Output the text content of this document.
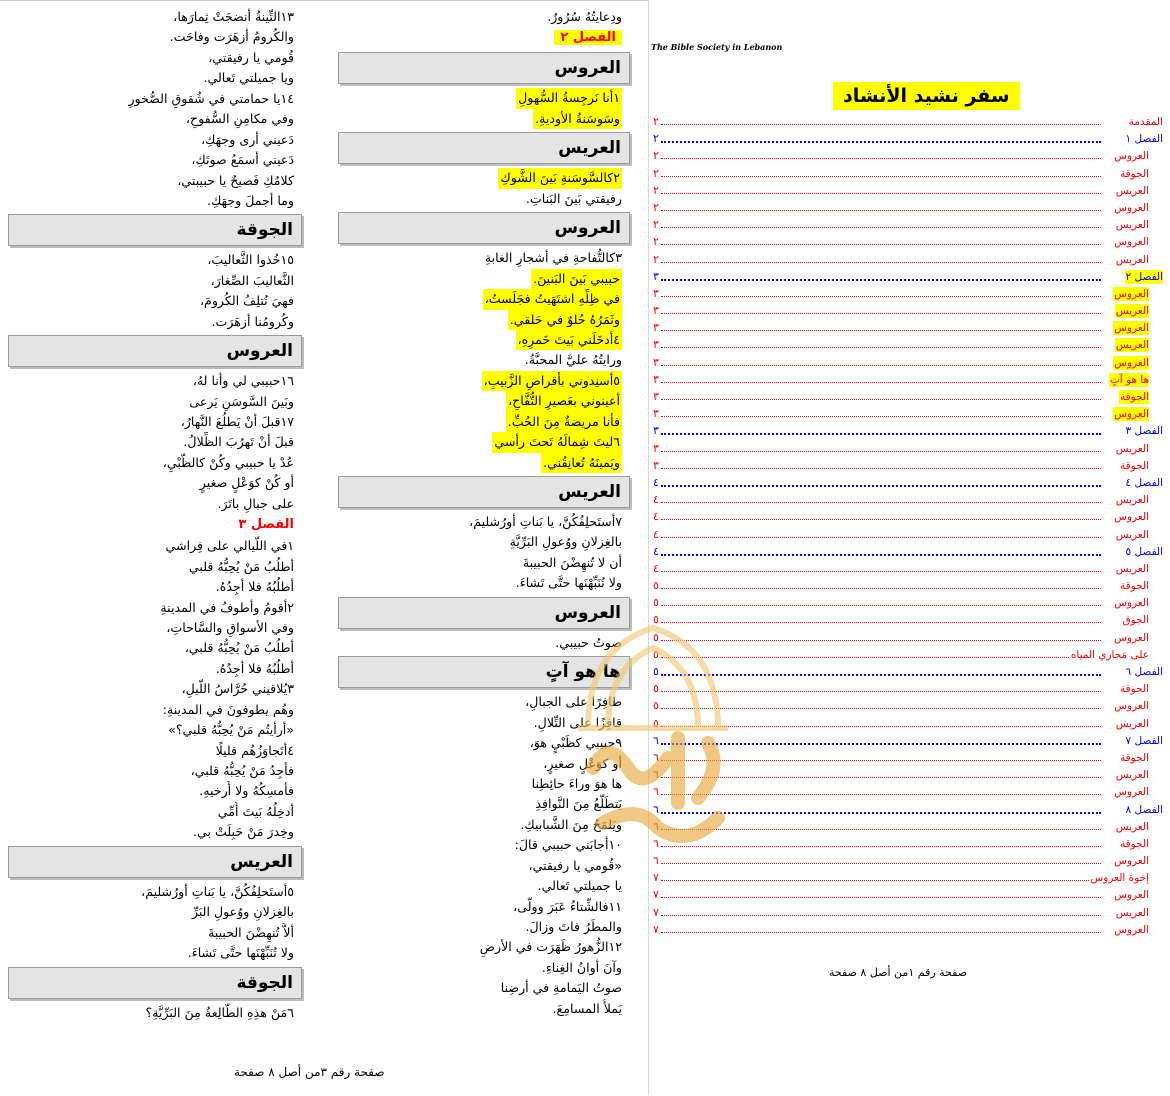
١٣التِّينةُ أنضجَتْ ثِمارَها،
والكُرومُ أزهَرَت وفاحَت.
قُومي يا رفيقتي،
ويا جميلتي تَعالي.
١٤يا حمامتي في شُقوقِ الصُّخورِ
وفي مكامِنِ السُّفوحِ،
دَعيني أرى وجهَكِ،
دَعيني أسمَعُ صوتَكِ،
كلامُكِ فَصيحٌ يا حبيبتي،
وما أجملَ وجهَكِ.
الجوقة
١٥خُذوا الثَّعاليبَ،
الثَّعاليبَ الصِّغارَ،
فهيَ تُتلِفُ الكُرومَ،
وكُرومُنا أزهَرَت.
العروس
١٦حبيبي لي وأنا لهُ،
وبَينَ السَّوسَنِ يَرعى
١٧قبلَ أنْ يَطلُعَ النَّهارُ،
قبلَ أنْ تَهرُبَ الظِّلالُ.
عُدْ يا حبيبي وكُنْ كالظَّبْيِ،
أو كُنْ كوَعْلٍ صغيرٍ
على جبالِ باتَرَ.
الفصل ٣
١في اللَّيالي على فِراشي
أطلُبُ مَنْ يُحِبُّهُ قلبي
أطلُبُهُ فلا أجِدُهُ.
٢أقومُ وأطوفُ في المدينةِ
وفي الأسواقِ والسَّاحاتِ،
أطلُبُ مَنْ يُحِبُّهُ قلبي،
أطلُبُهُ فلا أجِدُهُ.
٣يُلاقيني حُرَّاسُ اللَّيلِ،
وهُم يطوفونَ في المدينةِ:
«أرأيتُم مَنْ يُحِبُّهُ قلبي؟»
٤أتَجاوَزُهُم قليلًا
فأجِدُ مَنْ يُحِبُّهُ قلبي،
فأمسِكُهُ ولا أُرخيهِ.
أدخِلُهُ بَيتَ أُمِّي
وخِدرَ مَنْ حَبِلَتْ بي.
العريس
٥أستَحلِفُكُنَّ، يا بَناتِ أورُشليمَ،
بالغِزلانِ ووُعولِ البَرِّ
ألاَّ تُنهِضْنَ الحبيبةَ
ولا تُنَبِّهْنَها حتَّى تَشاءَ.
الجوقة
٦مَنْ هذِهِ الطَّالِعةُ مِنَ البَرِّيَّةِ؟
ودِعايتُهُ سُرُورٌ.
الفصل ٢
العروس
١أنا نَرجِسةُ السُّهولِ
وسَوسَنةُ الأوديةِ.
العريس
٢كالسَّوسَنةِ بَينَ الشَّوكِ
رفيقتي بَينَ البَناتِ.
العروس
٣كالتُّفاحةِ في أشجارِ الغابةِ
حبيبي بَينَ البَنينَ.
في ظِلِّهِ اشتَهَيتُ فجَلَستُ،
وثَمَرُهُ حُلوٌ في حَلقي.
٤أدخَلَني بَيتَ خَمرِهِ،
ورايتُهُ عليَّ المحبَّةُ.
٥أسنِدوني بأقراصِ الزَّبيبِ،
أعينوني بعَصيرِ التُّفَّاحِ،
فأنا مريضةٌ مِنَ الحُبِّ.
٦ليتَ شِمالَهُ تَحتَ رأسي
ويَمينَهُ تُعانِقُني.
العريس
٧أستَحلِفُكُنَّ، يا بَناتِ أورُشليمَ،
بالغِزلانِ ووُعولِ البَرِّيَّةِ
أن لا تُنهِضْنَ الحبيبةَ
ولا تُنَبِّهْنَها حتَّى تَشاءَ.
العروس
صوتُ حبيبي.
ها هو آتٍ
طافِرًا على الجبالِ،
قافِزًا على التِّلالِ.
٩حبيبي كظَبْيٍ هوَ،
أو كوَعْلٍ صغيرٍ،
ها هوَ وراءَ حائِطِنا
يَتطَلَّعُ مِنَ النَّوافِذِ
ويَلمَحُ مِنَ الشَّبابيكِ.
١٠أجابَني حبيبي قالَ:
«قُومي يا رفيقتي،
يا جميلتي تَعالي.
١١فالشِّتاءُ عَبَرَ وولَّى،
والمطَرُ فاتَ وزالَ.
١٢الزُّهورُ ظَهَرَت في الأرضِ
وآنَ أوانُ الغِناءِ.
صوتُ اليَمامةِ في أرضِنا
يَملأُ المسامِعَ.
صفحة رقم ٣من أصل ٨ صفحة
The Bible Society in Lebanon
سفر نشيد الأنشاد
٢	المقدمة
٢	الفصل ١
٢	العروس
٢	الجوقة
٢	العريس
٢	العروس
٢	العريس
٢	العروس
٢	العريس
٣	الفصل ٢
٣	العروس
٣	العريس
٣	العروس
٣	العريس
٣	العروس
٣	ها هو آتٍ
٣	الجوقة
٣	العروس
٣	الفصل ٣
٣	العريس
٣	الجوقة
٤	الفصل ٤
٤	العريس
٤	العروس
٤	العريس
٤	الفصل ٥
٤	العريس
٥	الجوقة
٥	العروس
٥	الجوق
٥	العروس
٥	على مَجاري المياه
٥	الفصل ٦
٥	الجوقة
٥	العروس
٥	العريس
٦	الفصل ٧
٦	الجوقة
٦	العريس
٦	العروس
٦	الفصل ٨
٦	العريس
٦	الجوقة
٦	العروس
٧	إخوة العروس
٧	العروس
٧	العريس
٧	العروس
صفحة رقم ١من أصل ٨ صفحة
